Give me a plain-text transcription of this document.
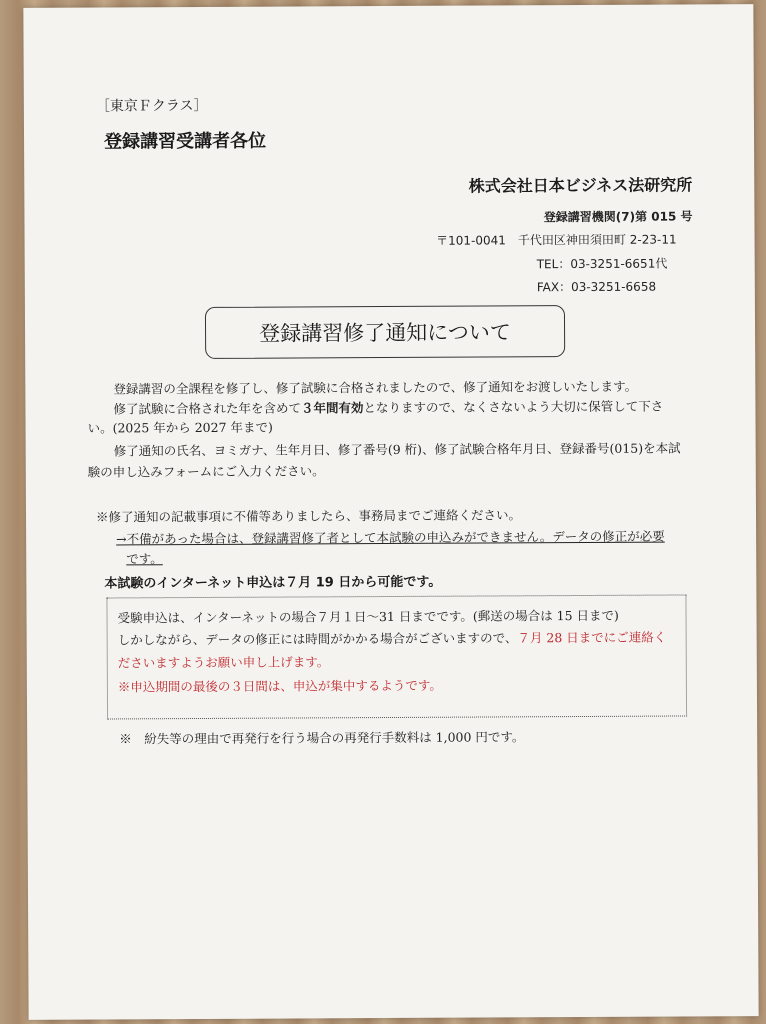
［東京Ｆクラス］
登録講習受講者各位
株式会社日本ビジネス法研究所
登録講習機関(7)第 015 号
〒101-0041　千代田区神田須田町 2-23-11
TEL：03-3251-6651代
FAX：03-3251-6658
登録講習修了通知について
登録講習の全課程を修了し、修了試験に合格されましたので、修了通知をお渡しいたします。
修了試験に合格された年を含めて３年間有効となりますので、なくさないよう大切に保管して下さ
い。(2025 年から 2027 年まで)
修了通知の氏名、ヨミガナ、生年月日、修了番号(9 桁)、修了試験合格年月日、登録番号(015)を本試
験の申し込みフォームにご入力ください。
※修了通知の記載事項に不備等ありましたら、事務局までご連絡ください。
→不備があった場合は、登録講習修了者として本試験の申込みができません。データの修正が必要
です。
本試験のインターネット申込は７月 19 日から可能です。
受験申込は、インターネットの場合７月１日～31 日までです。(郵送の場合は 15 日まで)
しかしながら、データの修正には時間がかかる場合がございますので、７月 28 日までにご連絡く
ださいますようお願い申し上げます。
※申込期間の最後の３日間は、申込が集中するようです。
※　紛失等の理由で再発行を行う場合の再発行手数料は 1,000 円です。
